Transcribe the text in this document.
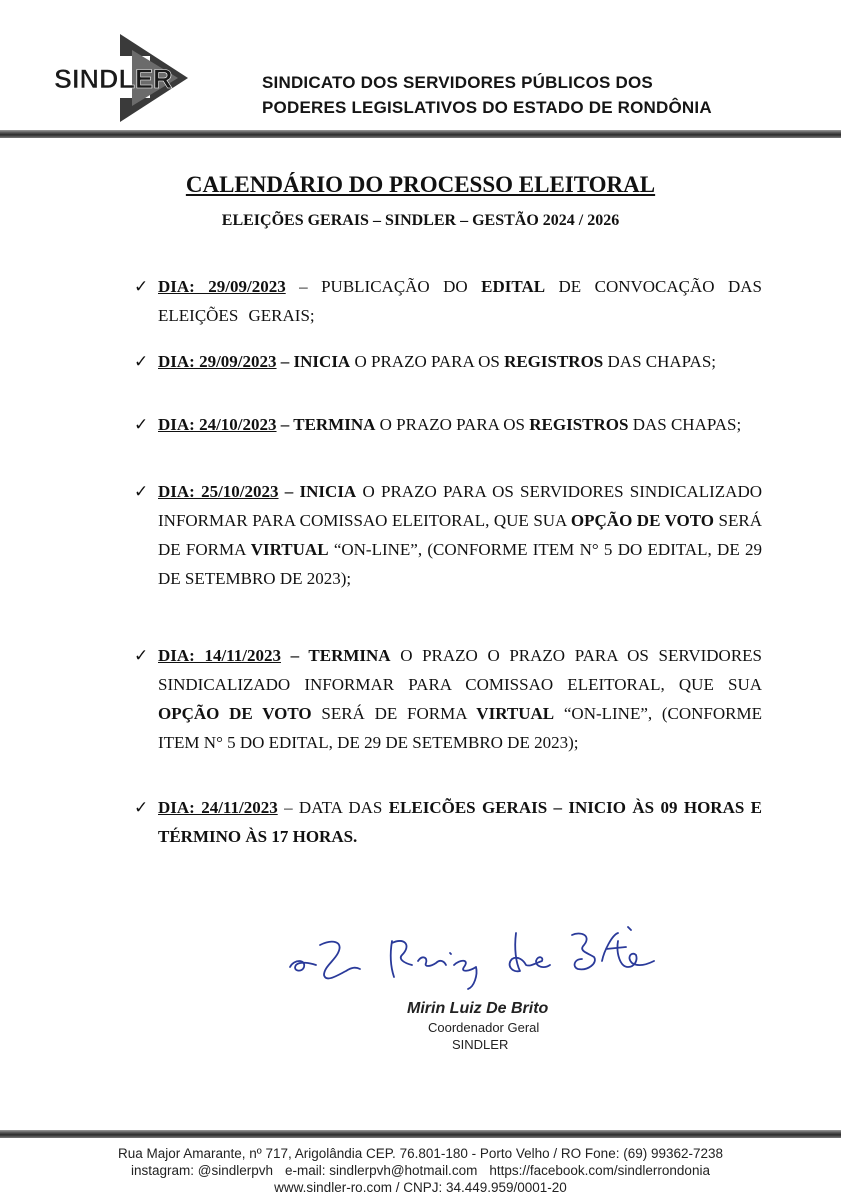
SINDLER	SINDICATO DOS SERVIDORES PÚBLICOS DOS
PODERES LEGISLATIVOS DO ESTADO DE RONDÔNIA
CALENDÁRIO DO PROCESSO ELEITORAL
ELEIÇÕES GERAIS – SINDLER – GESTÃO 2024 / 2026
✓ DIA: 29/09/2023 – PUBLICAÇÃO DO EDITAL DE CONVOCAÇÃO DAS ELEIÇÕES GERAIS;
✓ DIA: 29/09/2023 – INICIA O PRAZO PARA OS REGISTROS DAS CHAPAS;
✓ DIA: 24/10/2023 – TERMINA O PRAZO PARA OS REGISTROS DAS CHAPAS;
✓ DIA: 25/10/2023 – INICIA O PRAZO PARA OS SERVIDORES SINDICALIZADO INFORMAR PARA COMISSAO ELEITORAL, QUE SUA OPÇÃO DE VOTO SERÁ DE FORMA VIRTUAL “ON-LINE”, (CONFORME ITEM N° 5 DO EDITAL, DE 29 DE SETEMBRO DE 2023);
✓ DIA: 14/11/2023 – TERMINA O PRAZO O PRAZO PARA OS SERVIDORES SINDICALIZADO INFORMAR PARA COMISSAO ELEITORAL, QUE SUA OPÇÃO DE VOTO SERÁ DE FORMA VIRTUAL “ON-LINE”, (CONFORME ITEM N° 5 DO EDITAL, DE 29 DE SETEMBRO DE 2023);
✓ DIA: 24/11/2023 – DATA DAS ELEICÕES GERAIS – INICIO ÀS 09 HORAS E TÉRMINO ÀS 17 HORAS.
Mirin Luiz de Brito
Mirin Luiz De Brito
Coordenador Geral
SINDLER
Rua Major Amarante, nº 717, Arigolândia CEP. 76.801-180 - Porto Velho / RO Fone: (69) 99362-7238
instagram: @sindlerpvh e-mail: sindlerpvh@hotmail.com https://facebook.com/sindlerrondonia
www.sindler-ro.com / CNPJ: 34.449.959/0001-20
